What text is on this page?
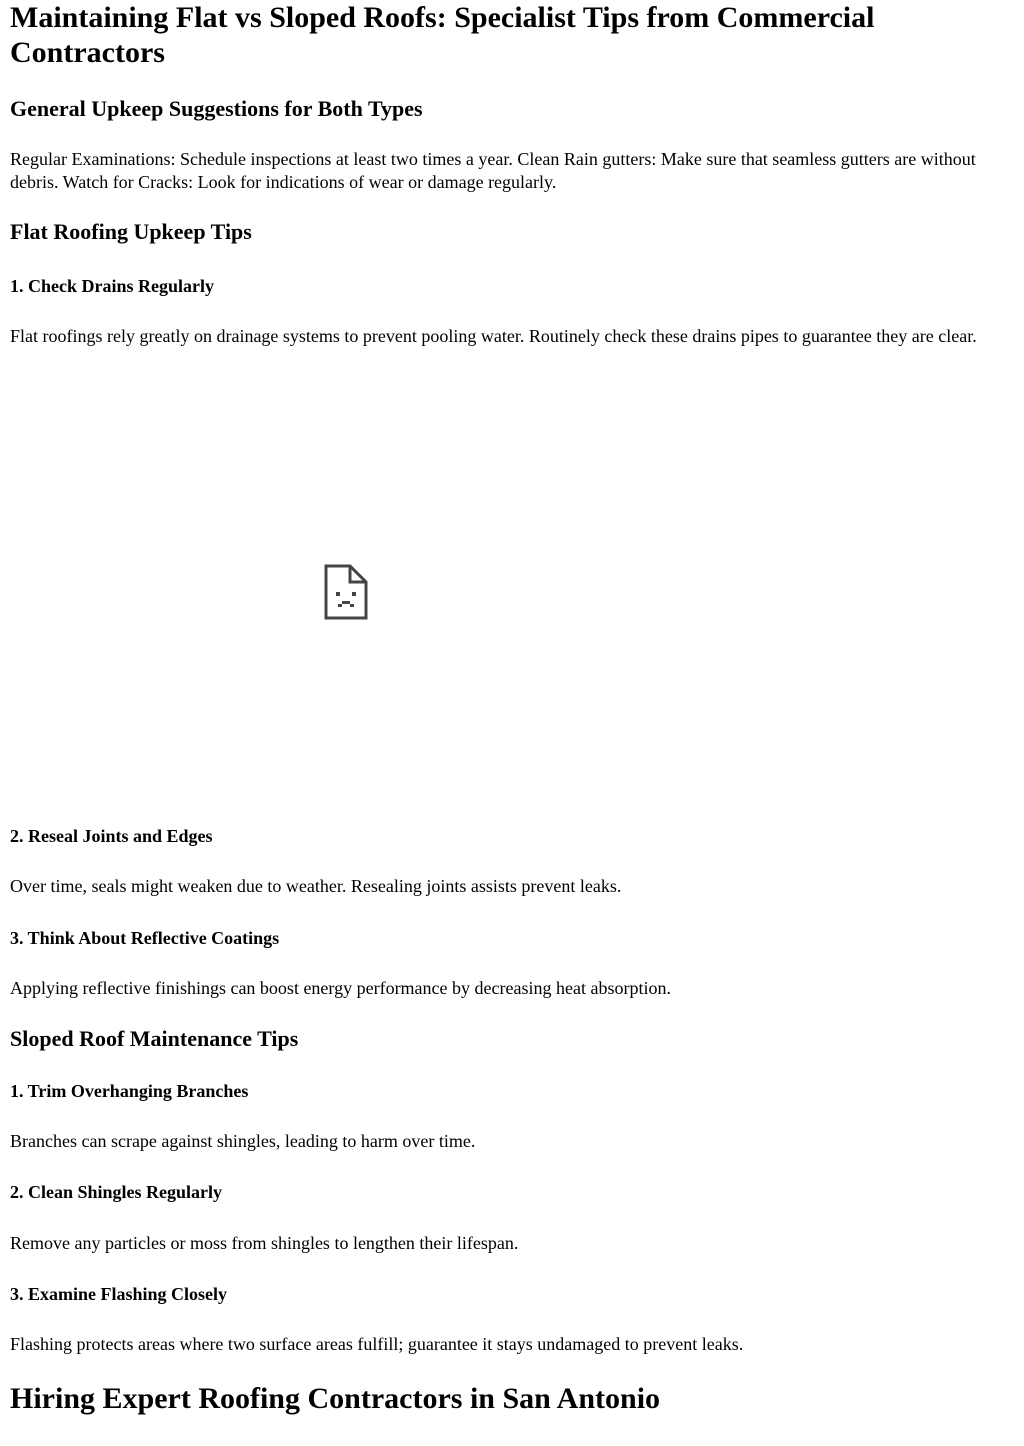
Maintaining Flat vs Sloped Roofs: Specialist Tips from Commercial Contractors
General Upkeep Suggestions for Both Types

Regular Examinations: Schedule inspections at least two times a year. Clean Rain gutters: Make sure that seamless gutters are without debris. Watch for Cracks: Look for indications of wear or damage regularly.

Flat Roofing Upkeep Tips
1. Check Drains Regularly

Flat roofings rely greatly on drainage systems to prevent pooling water. Routinely check these drains pipes to guarantee they are clear.

2. Reseal Joints and Edges

Over time, seals might weaken due to weather. Resealing joints assists prevent leaks.

3. Think About Reflective Coatings

Applying reflective finishings can boost energy performance by decreasing heat absorption.

Sloped Roof Maintenance Tips
1. Trim Overhanging Branches

Branches can scrape against shingles, leading to harm over time.

2. Clean Shingles Regularly

Remove any particles or moss from shingles to lengthen their lifespan.

3. Examine Flashing Closely

Flashing protects areas where two surface areas fulfill; guarantee it stays undamaged to prevent leaks.

Hiring Expert Roofing Contractors in San Antonio
